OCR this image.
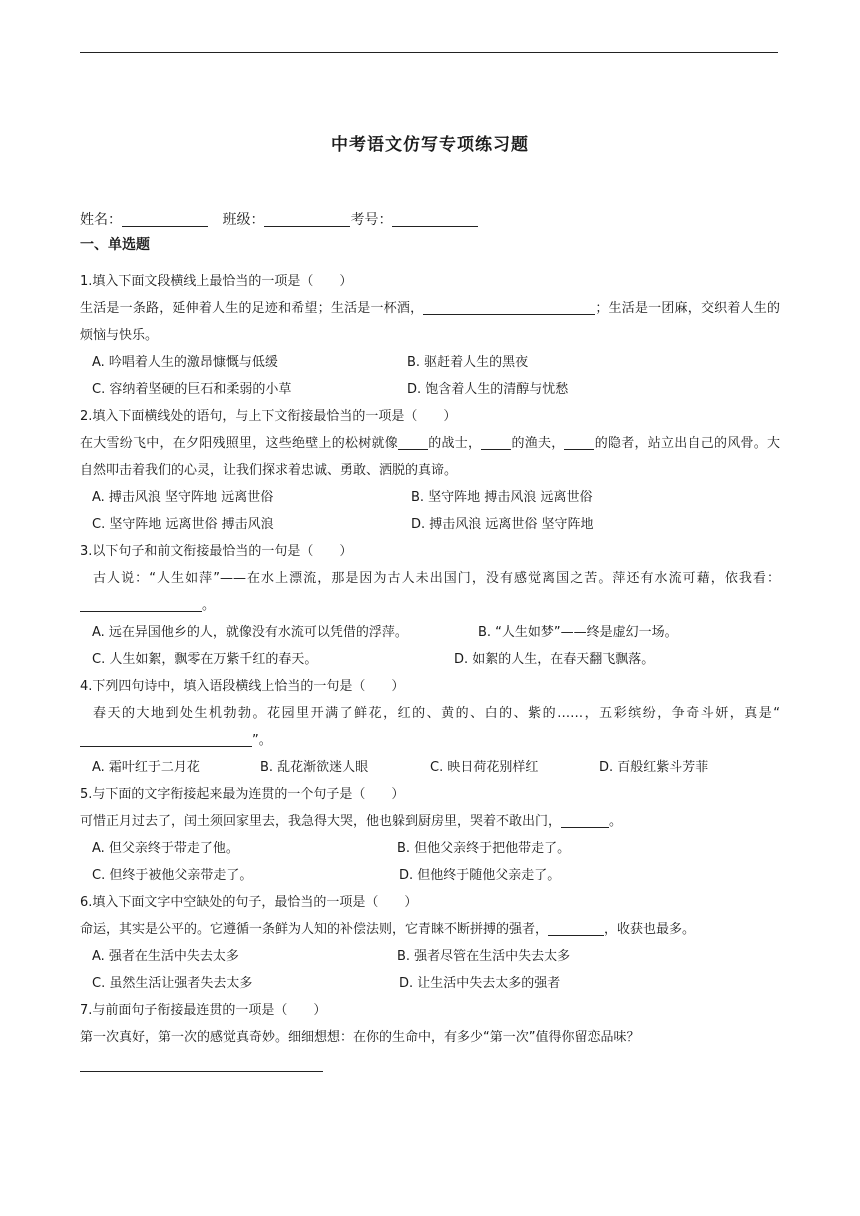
中考语文仿写专项练习题
姓名：	班级：	考号：
一、单选题
1.填入下面文段横线上最恰当的一项是（　　）
生活是一条路，延伸着人生的足迹和希望；生活是一杯酒，	；生活是一团麻，交织着人生的烦恼与快乐。
A. 吟唱着人生的激昂慷慨与低缓	B. 驱赶着人生的黑夜
C. 容纳着坚硬的巨石和柔弱的小草	D. 饱含着人生的清醇与忧愁
2.填入下面横线处的语句，与上下文衔接最恰当的一项是（　　）
在大雪纷飞中，在夕阳残照里，这些绝壁上的松树就像 的战士， 的渔夫， 的隐者，站立出自己的风骨。大自然叩击着我们的心灵，让我们探求着忠诚、勇敢、洒脱的真谛。
A. 搏击风浪 坚守阵地 远离世俗	B. 坚守阵地 搏击风浪 远离世俗
C. 坚守阵地 远离世俗 搏击风浪	D. 搏击风浪 远离世俗 坚守阵地
3.以下句子和前文衔接最恰当的一句是（　　）
古人说：“人生如萍”——在水上漂流，那是因为古人未出国门，没有感觉离国之苦。萍还有水流可藉，依我看：。
A. 远在异国他乡的人，就像没有水流可以凭借的浮萍。	B. “人生如梦”——终是虚幻一场。
C. 人生如絮，飘零在万紫千红的春天。	D. 如絮的人生，在春天翻飞飘落。
4.下列四句诗中，填入语段横线上恰当的一句是（　　）
春天的大地到处生机勃勃。花园里开满了鲜花，红的、黄的、白的、紫的……，五彩缤纷，争奇斗妍，真是“”。
A. 霜叶红于二月花	B. 乱花渐欲迷人眼	C. 映日荷花别样红	D. 百般红紫斗芳菲
5.与下面的文字衔接起来最为连贯的一个句子是（　　）
可惜正月过去了，闰土须回家里去，我急得大哭，他也躲到厨房里，哭着不敢出门，	。
A. 但父亲终于带走了他。	B. 但他父亲终于把他带走了。
C. 但终于被他父亲带走了。	D. 但他终于随他父亲走了。
6.填入下面文字中空缺处的句子，最恰当的一项是（　　）
命运，其实是公平的。它遵循一条鲜为人知的补偿法则，它青睐不断拼搏的强者，	，收获也最多。
A. 强者在生活中失去太多	B. 强者尽管在生活中失去太多
C. 虽然生活让强者失去太多	D. 让生活中失去太多的强者
7.与前面句子衔接最连贯的一项是（　　）
第一次真好，第一次的感觉真奇妙。细细想想：在你的生命中，有多少“第一次”值得你留恋品味？
